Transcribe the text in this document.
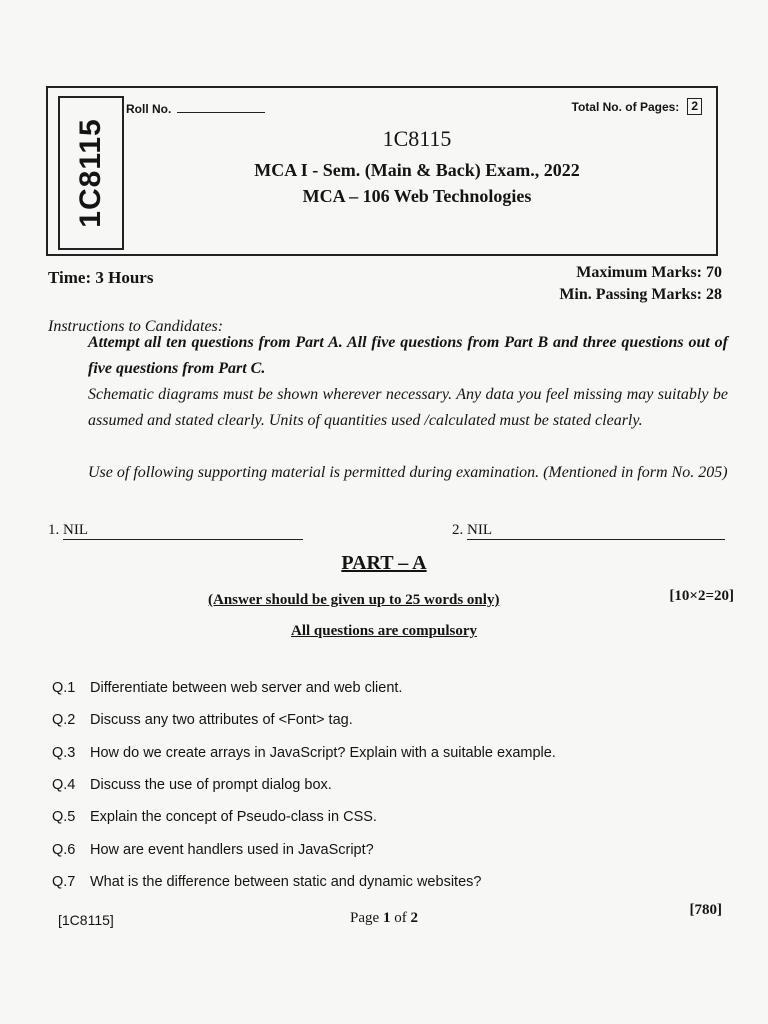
1C8115
Roll No.	Total No. of Pages:	2
1C8115
MCA I - Sem. (Main & Back) Exam., 2022
MCA – 106 Web Technologies
Time: 3 Hours	Maximum Marks: 70
Min. Passing Marks: 28
Instructions to Candidates:
Attempt all ten questions from Part A. All five questions from Part B and three questions out of five questions from Part C.
Schematic diagrams must be shown wherever necessary. Any data you feel missing may suitably be assumed and stated clearly. Units of quantities used /calculated must be stated clearly.
Use of following supporting material is permitted during examination. (Mentioned in form No. 205)
1. NIL	2. NIL
PART – A
(Answer should be given up to 25 words only)	[10×2=20]
All questions are compulsory
Q.1	Differentiate between web server and web client.
Q.2	Discuss any two attributes of <Font> tag.
Q.3	How do we create arrays in JavaScript? Explain with a suitable example.
Q.4	Discuss the use of prompt dialog box.
Q.5	Explain the concept of Pseudo-class in CSS.
Q.6	How are event handlers used in JavaScript?
Q.7	What is the difference between static and dynamic websites?
[1C8115]	Page 1 of 2	[780]
